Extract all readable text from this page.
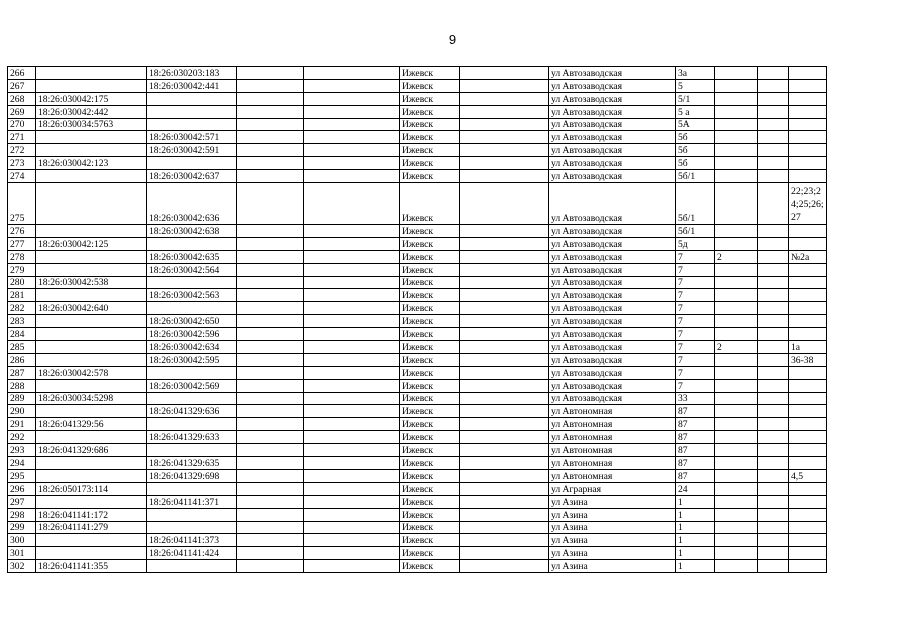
9
266		18:26:030203:183			Ижевск		ул Автозаводская	3а			
267		18:26:030042:441			Ижевск		ул Автозаводская	5			
268	18:26:030042:175				Ижевск		ул Автозаводская	5/1			
269	18:26:030042:442				Ижевск		ул Автозаводская	5 а			
270	18:26:030034:5763				Ижевск		ул Автозаводская	5А			
271		18:26:030042:571			Ижевск		ул Автозаводская	5б			
272		18:26:030042:591			Ижевск		ул Автозаводская	5б			
273	18:26:030042:123				Ижевск		ул Автозаводская	5б			
274		18:26:030042:637			Ижевск		ул Автозаводская	5б/1			
275		18:26:030042:636			Ижевск		ул Автозаводская	5б/1			22;23;24;25;26;27
276		18:26:030042:638			Ижевск		ул Автозаводская	5б/1			
277	18:26:030042:125				Ижевск		ул Автозаводская	5д			
278		18:26:030042:635			Ижевск		ул Автозаводская	7	2		№2а
279		18:26:030042:564			Ижевск		ул Автозаводская	7			
280	18:26:030042:538				Ижевск		ул Автозаводская	7			
281		18:26:030042:563			Ижевск		ул Автозаводская	7			
282	18:26:030042:640				Ижевск		ул Автозаводская	7			
283		18:26:030042:650			Ижевск		ул Автозаводская	7			
284		18:26:030042:596			Ижевск		ул Автозаводская	7			
285		18:26:030042:634			Ижевск		ул Автозаводская	7	2		1а
286		18:26:030042:595			Ижевск		ул Автозаводская	7			36-38
287	18:26:030042:578				Ижевск		ул Автозаводская	7			
288		18:26:030042:569			Ижевск		ул Автозаводская	7			
289	18:26:030034:5298				Ижевск		ул Автозаводская	33			
290		18:26:041329:636			Ижевск		ул Автономная	87			
291	18:26:041329:56				Ижевск		ул Автономная	87			
292		18:26:041329:633			Ижевск		ул Автономная	87			
293	18:26:041329:686				Ижевск		ул Автономная	87			
294		18:26:041329:635			Ижевск		ул Автономная	87			
295		18:26:041329:698			Ижевск		ул Автономная	87			4,5
296	18:26:050173:114				Ижевск		ул Аграрная	24			
297		18:26:041141:371			Ижевск		ул Азина	1			
298	18:26:041141:172				Ижевск		ул Азина	1			
299	18:26:041141:279				Ижевск		ул Азина	1			
300		18:26:041141:373			Ижевск		ул Азина	1			
301		18:26:041141:424			Ижевск		ул Азина	1			
302	18:26:041141:355				Ижевск		ул Азина	1			
